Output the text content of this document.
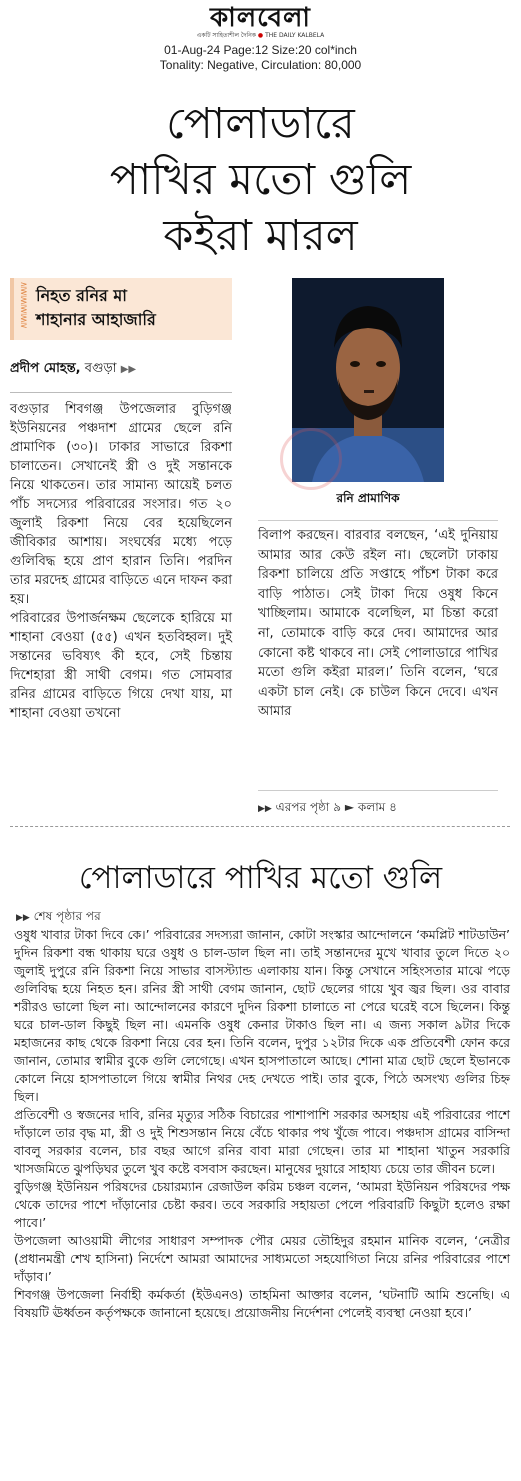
কালবেলা
একটি সাহিত্যশীল দৈনিক ● THE DAILY KALBELA
01-Aug-24 Page:12 Size:20 col*inch
Tonality: Negative, Circulation: 80,000
পোলাডারে
পাখির মতো গুলি
কইরা মারল
⋛
⋚
⋛
⋚
⋛
নিহত রনির মা
শাহানার আহাজারি
প্রদীপ মোহন্ত, বগুড়া ▶▶
রনি প্রামাণিক

বগুড়ার শিবগঞ্জ উপজেলার বুড়িগঞ্জ ইউনিয়নের পঞ্চদাশ গ্রামের ছেলে রনি প্রামাণিক (৩০)। ঢাকার সাভারে রিকশা চালাতেন। সেখানেই স্ত্রী ও দুই সন্তানকে নিয়ে থাকতেন। তার সামান্য আয়েই চলত পাঁচ সদস্যের পরিবারের সংসার। গত ২০ জুলাই রিকশা নিয়ে বের হয়েছিলেন জীবিকার আশায়। সংঘর্ষের মধ্যে পড়ে গুলিবিদ্ধ হয়ে প্রাণ হারান তিনি। পরদিন তার মরদেহ গ্রামের বাড়িতে এনে দাফন করা হয়।

পরিবারের উপার্জনক্ষম ছেলেকে হারিয়ে মা শাহানা বেওয়া (৫৫) এখন হতবিহ্বল। দুই সন্তানের ভবিষ্যৎ কী হবে, সেই চিন্তায় দিশেহারা স্ত্রী সাথী বেগম। গত সোমবার রনির গ্রামের বাড়িতে গিয়ে দেখা যায়, মা শাহানা বেওয়া তখনো

বিলাপ করছেন। বারবার বলছেন, ‘এই দুনিয়ায় আমার আর কেউ রইল না। ছেলেটা ঢাকায় রিকশা চালিয়ে প্রতি সপ্তাহে পাঁচশ টাকা করে বাড়ি পাঠাত। সেই টাকা দিয়ে ওষুধ কিনে খাচ্ছিলাম। আমাকে বলেছিল, মা চিন্তা করো না, তোমাকে বাড়ি করে দেব। আমাদের আর কোনো কষ্ট থাকবে না। সেই পোলাডারে পাখির মতো গুলি কইরা মারল।’ তিনি বলেন, ‘ঘরে একটা চাল নেই। কে চাউল কিনে দেবে। এখন আমার

▶▶ এরপর পৃষ্ঠা ৯ ► কলাম ৪
পোলাডারে পাখির মতো গুলি
▶▶ শেষ পৃষ্ঠার পর

ওষুধ খাবার টাকা দিবে কে।’ পরিবারের সদস্যরা জানান, কোটা সংস্কার আন্দোলনে ‘কমপ্লিট শাটডাউন’ দুদিন রিকশা বন্ধ থাকায় ঘরে ওষুধ ও চাল-ডাল ছিল না। তাই সন্তানদের মুখে খাবার তুলে দিতে ২০ জুলাই দুপুরে রনি রিকশা নিয়ে সাভার বাসস্ট্যান্ড এলাকায় যান। কিন্তু সেখানে সহিংসতার মাঝে পড়ে গুলিবিদ্ধ হয়ে নিহত হন। রনির স্ত্রী সাথী বেগম জানান, ছোট ছেলের গায়ে খুব জ্বর ছিল। ওর বাবার শরীরও ভালো ছিল না। আন্দোলনের কারণে দুদিন রিকশা চালাতে না পেরে ঘরেই বসে ছিলেন। কিন্তু ঘরে চাল-ডাল কিছুই ছিল না। এমনকি ওষুধ কেনার টাকাও ছিল না। এ জন্য সকাল ৯টার দিকে মহাজনের কাছ থেকে রিকশা নিয়ে বের হন। তিনি বলেন, দুপুর ১২টার দিকে এক প্রতিবেশী ফোন করে জানান, তোমার স্বামীর বুকে গুলি লেগেছে। এখন হাসপাতালে আছে। শোনা মাত্র ছোট ছেলে ইভানকে কোলে নিয়ে হাসপাতালে গিয়ে স্বামীর নিথর দেহ দেখতে পাই। তার বুকে, পিঠে অসংখ্য গুলির চিহ্ন ছিল।

প্রতিবেশী ও স্বজনের দাবি, রনির মৃত্যুর সঠিক বিচারের পাশাপাশি সরকার অসহায় এই পরিবারের পাশে দাঁড়ালে তার বৃদ্ধ মা, স্ত্রী ও দুই শিশুসন্তান নিয়ে বেঁচে থাকার পথ খুঁজে পাবে। পঞ্চদাস গ্রামের বাসিন্দা বাবলু সরকার বলেন, চার বছর আগে রনির বাবা মারা গেছেন। তার মা শাহানা খাতুন সরকারি খাসজমিতে ঝুপড়িঘর তুলে খুব কষ্টে বসবাস করছেন। মানুষের দুয়ারে সাহায্য চেয়ে তার জীবন চলে।

বুড়িগঞ্জ ইউনিয়ন পরিষদের চেয়ারম্যান রেজাউল করিম চঞ্চল বলেন, ‘আমরা ইউনিয়ন পরিষদের পক্ষ থেকে তাদের পাশে দাঁড়ানোর চেষ্টা করব। তবে সরকারি সহায়তা পেলে পরিবারটি কিছুটা হলেও রক্ষা পাবে।’

উপজেলা আওয়ামী লীগের সাধারণ সম্পাদক পৌর মেয়র তৌহিদুর রহমান মানিক বলেন, ‘নেত্রীর (প্রধানমন্ত্রী শেখ হাসিনা) নির্দেশে আমরা আমাদের সাধ্যমতো সহযোগিতা নিয়ে রনির পরিবারের পাশে দাঁড়াব।’

শিবগঞ্জ উপজেলা নির্বাহী কর্মকর্তা (ইউএনও) তাহমিনা আক্তার বলেন, ‘ঘটনাটি আমি শুনেছি। এ বিষয়টি ঊর্ধ্বতন কর্তৃপক্ষকে জানানো হয়েছে। প্রয়োজনীয় নির্দেশনা পেলেই ব্যবস্থা নেওয়া হবে।’
